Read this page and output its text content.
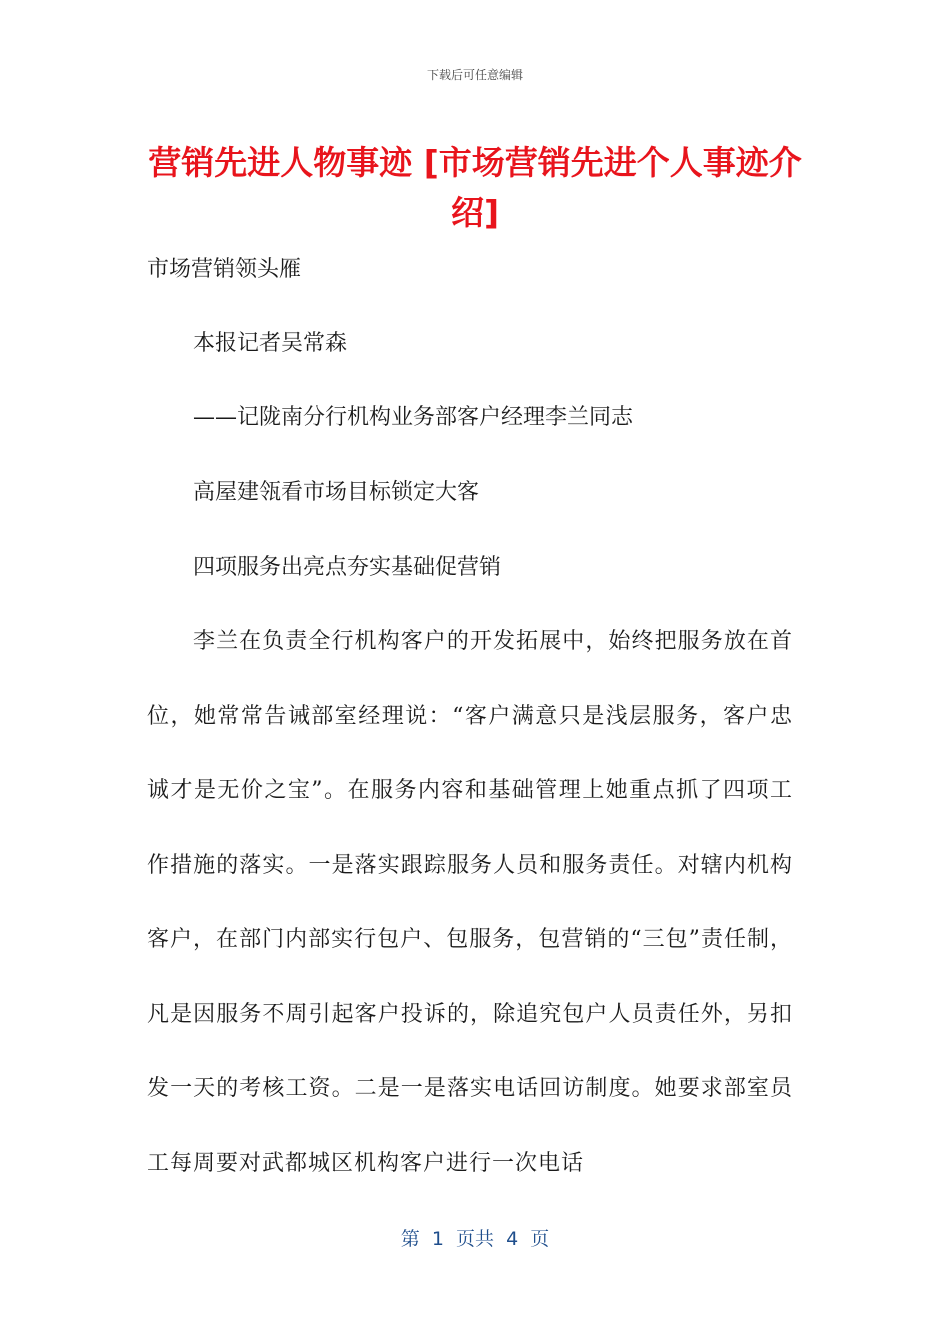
下载后可任意编辑
营销先进人物事迹 [市场营销先进个人事迹介绍]

市场营销领头雁

本报记者吴常森

——记陇南分行机构业务部客户经理李兰同志

高屋建瓴看市场目标锁定大客

四项服务出亮点夯实基础促营销

李兰在负责全行机构客户的开发拓展中，始终把服务放在首位，她常常告诫部室经理说：“客户满意只是浅层服务，客户忠诚才是无价之宝”。在服务内容和基础管理上她重点抓了四项工作措施的落实。一是落实跟踪服务人员和服务责任。对辖内机构客户，在部门内部实行包户、包服务，包营销的“三包”责任制，凡是因服务不周引起客户投诉的，除追究包户人员责任外，另扣发一天的考核工资。二是一是落实电话回访制度。她要求部室员工每周要对武都城区机构客户进行一次电话

第  1  页共  4  页
